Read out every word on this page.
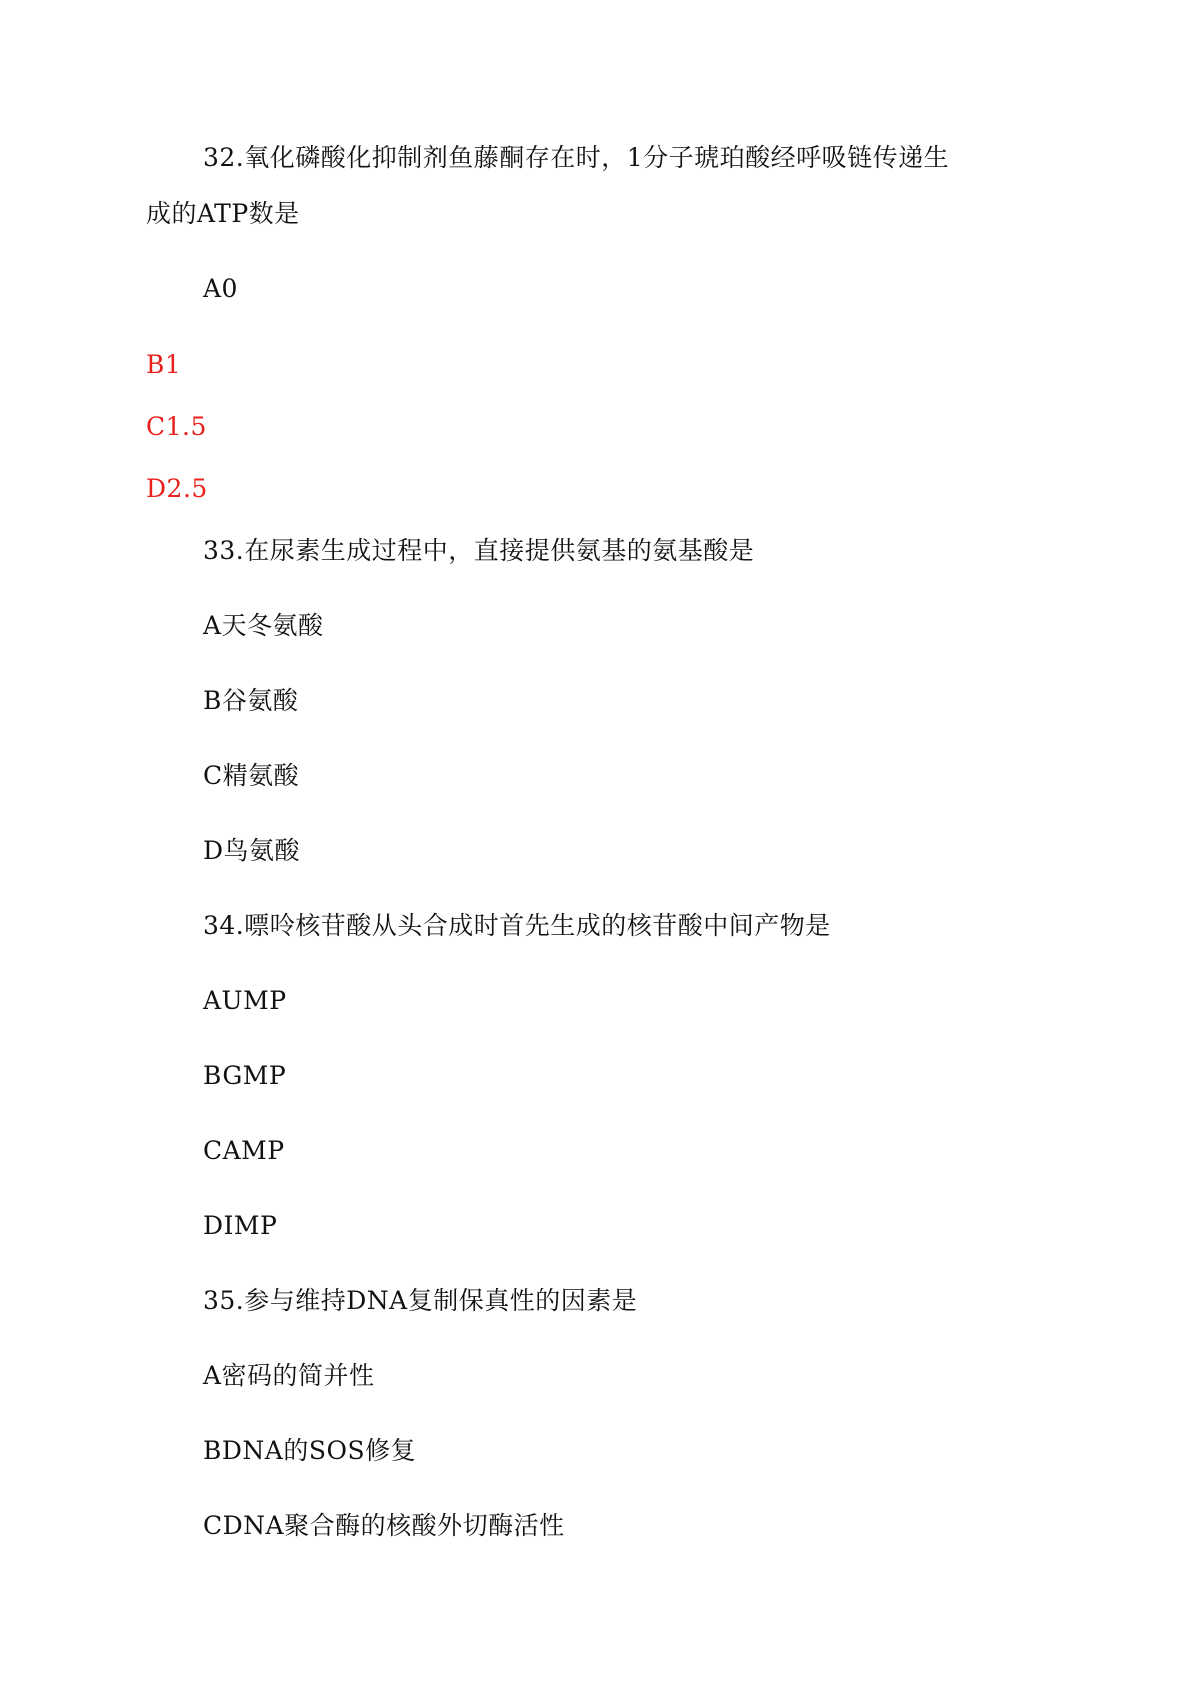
32.氧化磷酸化抑制剂鱼藤酮存在时，1分子琥珀酸经呼吸链传递生
成的ATP数是
A0
B1
C1.5
D2.5
33.在尿素生成过程中，直接提供氨基的氨基酸是
A天冬氨酸
B谷氨酸
C精氨酸
D鸟氨酸
34.嘌呤核苷酸从头合成时首先生成的核苷酸中间产物是
AUMP
BGMP
CAMP
DIMP
35.参与维持DNA复制保真性的因素是
A密码的简并性
BDNA的SOS修复
CDNA聚合酶的核酸外切酶活性
